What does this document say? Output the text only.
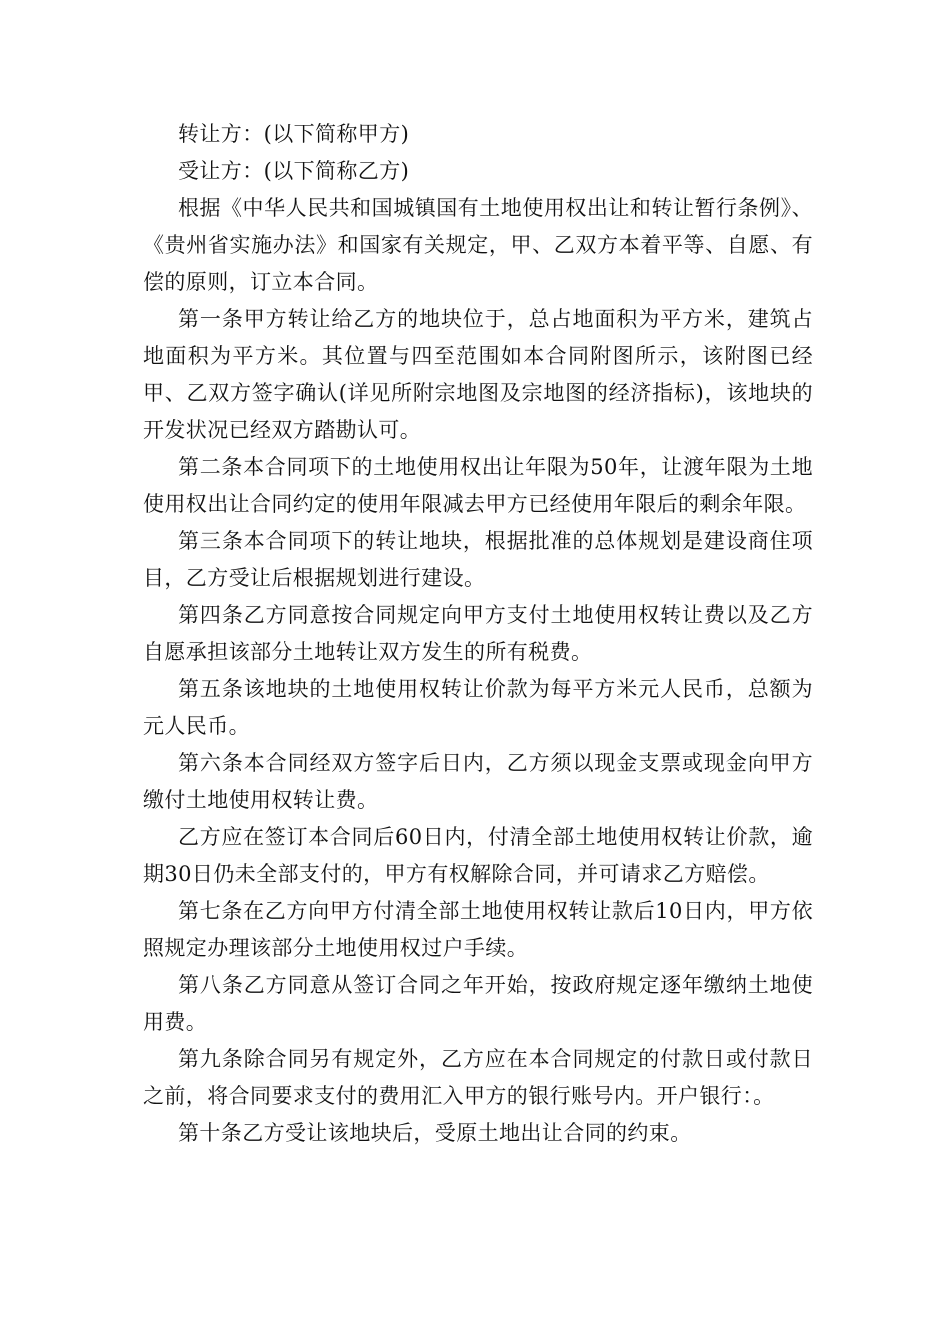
转让方：(以下简称甲方)

受让方：(以下简称乙方)

根据《中华人民共和国城镇国有土地使用权出让和转让暂行条例》、《贵州省实施办法》和国家有关规定，甲、乙双方本着平等、自愿、有偿的原则，订立本合同。

第一条甲方转让给乙方的地块位于，总占地面积为平方米，建筑占地面积为平方米。其位置与四至范围如本合同附图所示，该附图已经甲、乙双方签字确认(详见所附宗地图及宗地图的经济指标)，该地块的开发状况已经双方踏勘认可。

第二条本合同项下的土地使用权出让年限为50年，让渡年限为土地使用权出让合同约定的使用年限减去甲方已经使用年限后的剩余年限。

第三条本合同项下的转让地块，根据批准的总体规划是建设商住项目，乙方受让后根据规划进行建设。

第四条乙方同意按合同规定向甲方支付土地使用权转让费以及乙方自愿承担该部分土地转让双方发生的所有税费。

第五条该地块的土地使用权转让价款为每平方米元人民币，总额为元人民币。

第六条本合同经双方签字后日内，乙方须以现金支票或现金向甲方缴付土地使用权转让费。

乙方应在签订本合同后60日内，付清全部土地使用权转让价款，逾期30日仍未全部支付的，甲方有权解除合同，并可请求乙方赔偿。

第七条在乙方向甲方付清全部土地使用权转让款后10日内，甲方依照规定办理该部分土地使用权过户手续。

第八条乙方同意从签订合同之年开始，按政府规定逐年缴纳土地使用费。

第九条除合同另有规定外，乙方应在本合同规定的付款日或付款日之前，将合同要求支付的费用汇入甲方的银行账号内。开户银行：。

第十条乙方受让该地块后，受原土地出让合同的约束。
